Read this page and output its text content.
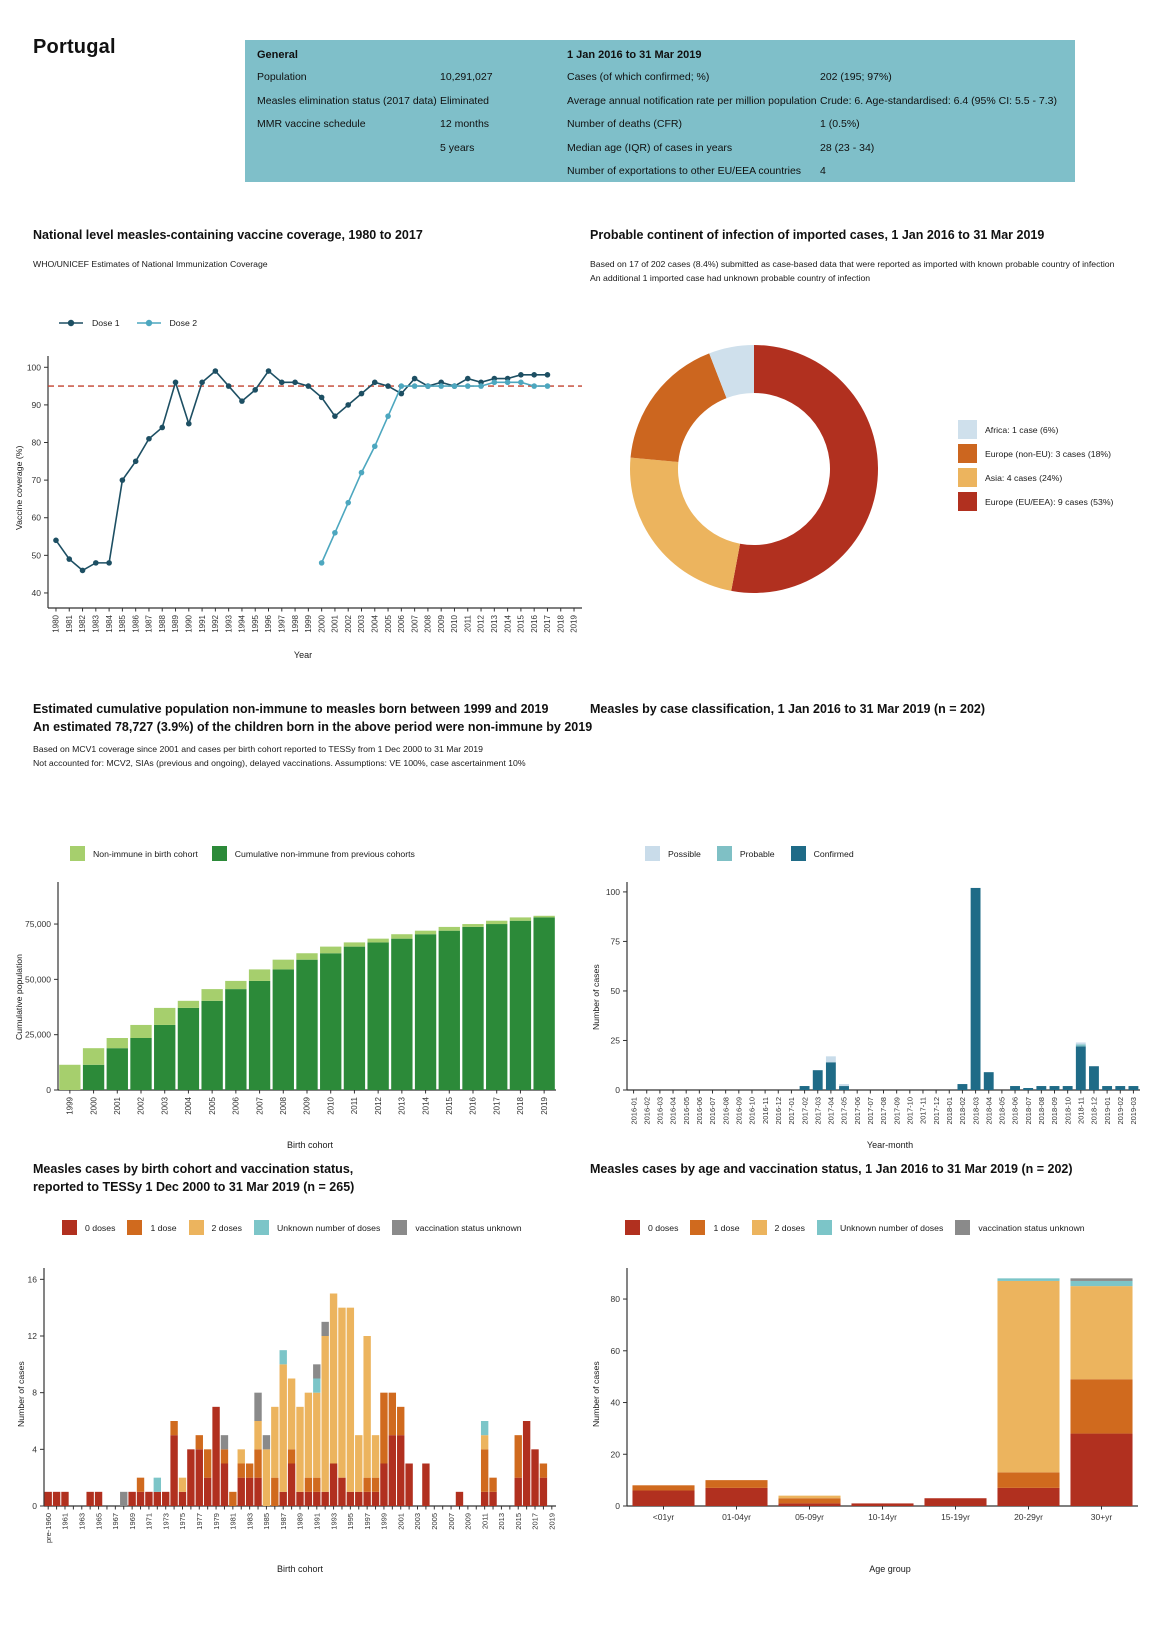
Portugal	General
Population	10,291,027
Measles elimination status (2017 data) Eliminated
MMR vaccine schedule	12 months
5 years
1 Jan 2016 to 31 Mar 2019
Cases (of which confirmed; %)	202 (195; 97%)
Average annual notification rate per million population Crude: 6. Age-standardised: 6.4 (95% CI: 5.5 - 7.3)
Number of deaths (CFR)	1 (0.5%)
Median age (IQR) of cases in years	28 (23 - 34)
Number of exportations to other EU/EEA countries	4
National level measles-containing vaccine coverage, 1980 to 2017
WHO/UNICEF Estimates of National Immunization Coverage
Dose 1	Dose 2
Vaccine coverage (%)
40
50
60
70
80
90
100
1980 1981 1982 1983 1984 1985 1986 1987 1988 1989 1990 1991 1992 1993 1994 1995 1996 1997 1998 1999 2000 2001 2002 2003 2004 2005 2006 2007 2008 2009 2010 2011 2012 2013 2014 2015 2016 2017 2018 2019
Year
Probable continent of infection of imported cases, 1 Jan 2016 to 31 Mar 2019
Based on 17 of 202 cases (8.4%) submitted as case-based data that were reported as imported with known probable country of infection
An additional 1 imported case had unknown probable country of infection
Africa: 1 case (6%)
Europe (non-EU): 3 cases (18%)
Asia: 4 cases (24%)
Europe (EU/EEA): 9 cases (53%)
Estimated cumulative population non-immune to measles born between 1999 and 2019
An estimated 78,727 (3.9%) of the children born in the above period were non-immune by 2019
Based on MCV1 coverage since 2001 and cases per birth cohort reported to TESSy from 1 Dec 2000 to 31 Mar 2019
Not accounted for: MCV2, SIAs (previous and ongoing), delayed vaccinations. Assumptions: VE 100%, case ascertainment 10%
Non-immune in birth cohort	Cumulative non-immune from previous cohorts
Cumulative population
0
25,000
50,000
75,000
1999 2000 2001 2002 2003 2004 2005 2006 2007 2008 2009 2010 2011 2012 2013 2014 2015 2016 2017 2018 2019
Birth cohort
Measles by case classification, 1 Jan 2016 to 31 Mar 2019 (n = 202)
Possible	Probable	Confirmed
Number of cases
0
25
50
75
100
2016-01 2016-02 2016-03 2016-04 2016-05 2016-06 2016-07 2016-08 2016-09 2016-10 2016-11 2016-12 2017-01 2017-02 2017-03 2017-04 2017-05 2017-06 2017-07 2017-08 2017-09 2017-10 2017-11 2017-12 2018-01 2018-02 2018-03 2018-04 2018-05 2018-06 2018-07 2018-08 2018-09 2018-10 2018-11 2018-12 2019-01 2019-02 2019-03
Year-month
Measles cases by birth cohort and vaccination status,
reported to TESSy 1 Dec 2000 to 31 Mar 2019 (n = 265)
0 doses	1 dose	2 doses	Unknown number of doses	vaccination status unknown
Number of cases
0
4
8
12
16
pre-1960 1961 1963 1965 1967 1969 1971 1973 1975 1977 1979 1981 1983 1985 1987 1989 1991 1993 1995 1997 1999 2001 2003 2005 2007 2009 2011 2013 2015 2017 2019
Birth cohort
Measles cases by age and vaccination status, 1 Jan 2016 to 31 Mar 2019 (n = 202)
0 doses	1 dose	2 doses	Unknown number of doses	vaccination status unknown
Number of cases
0
20
40
60
80
<01yr	01-04yr	05-09yr	10-14yr	15-19yr	20-29yr	30+yr
Age group
